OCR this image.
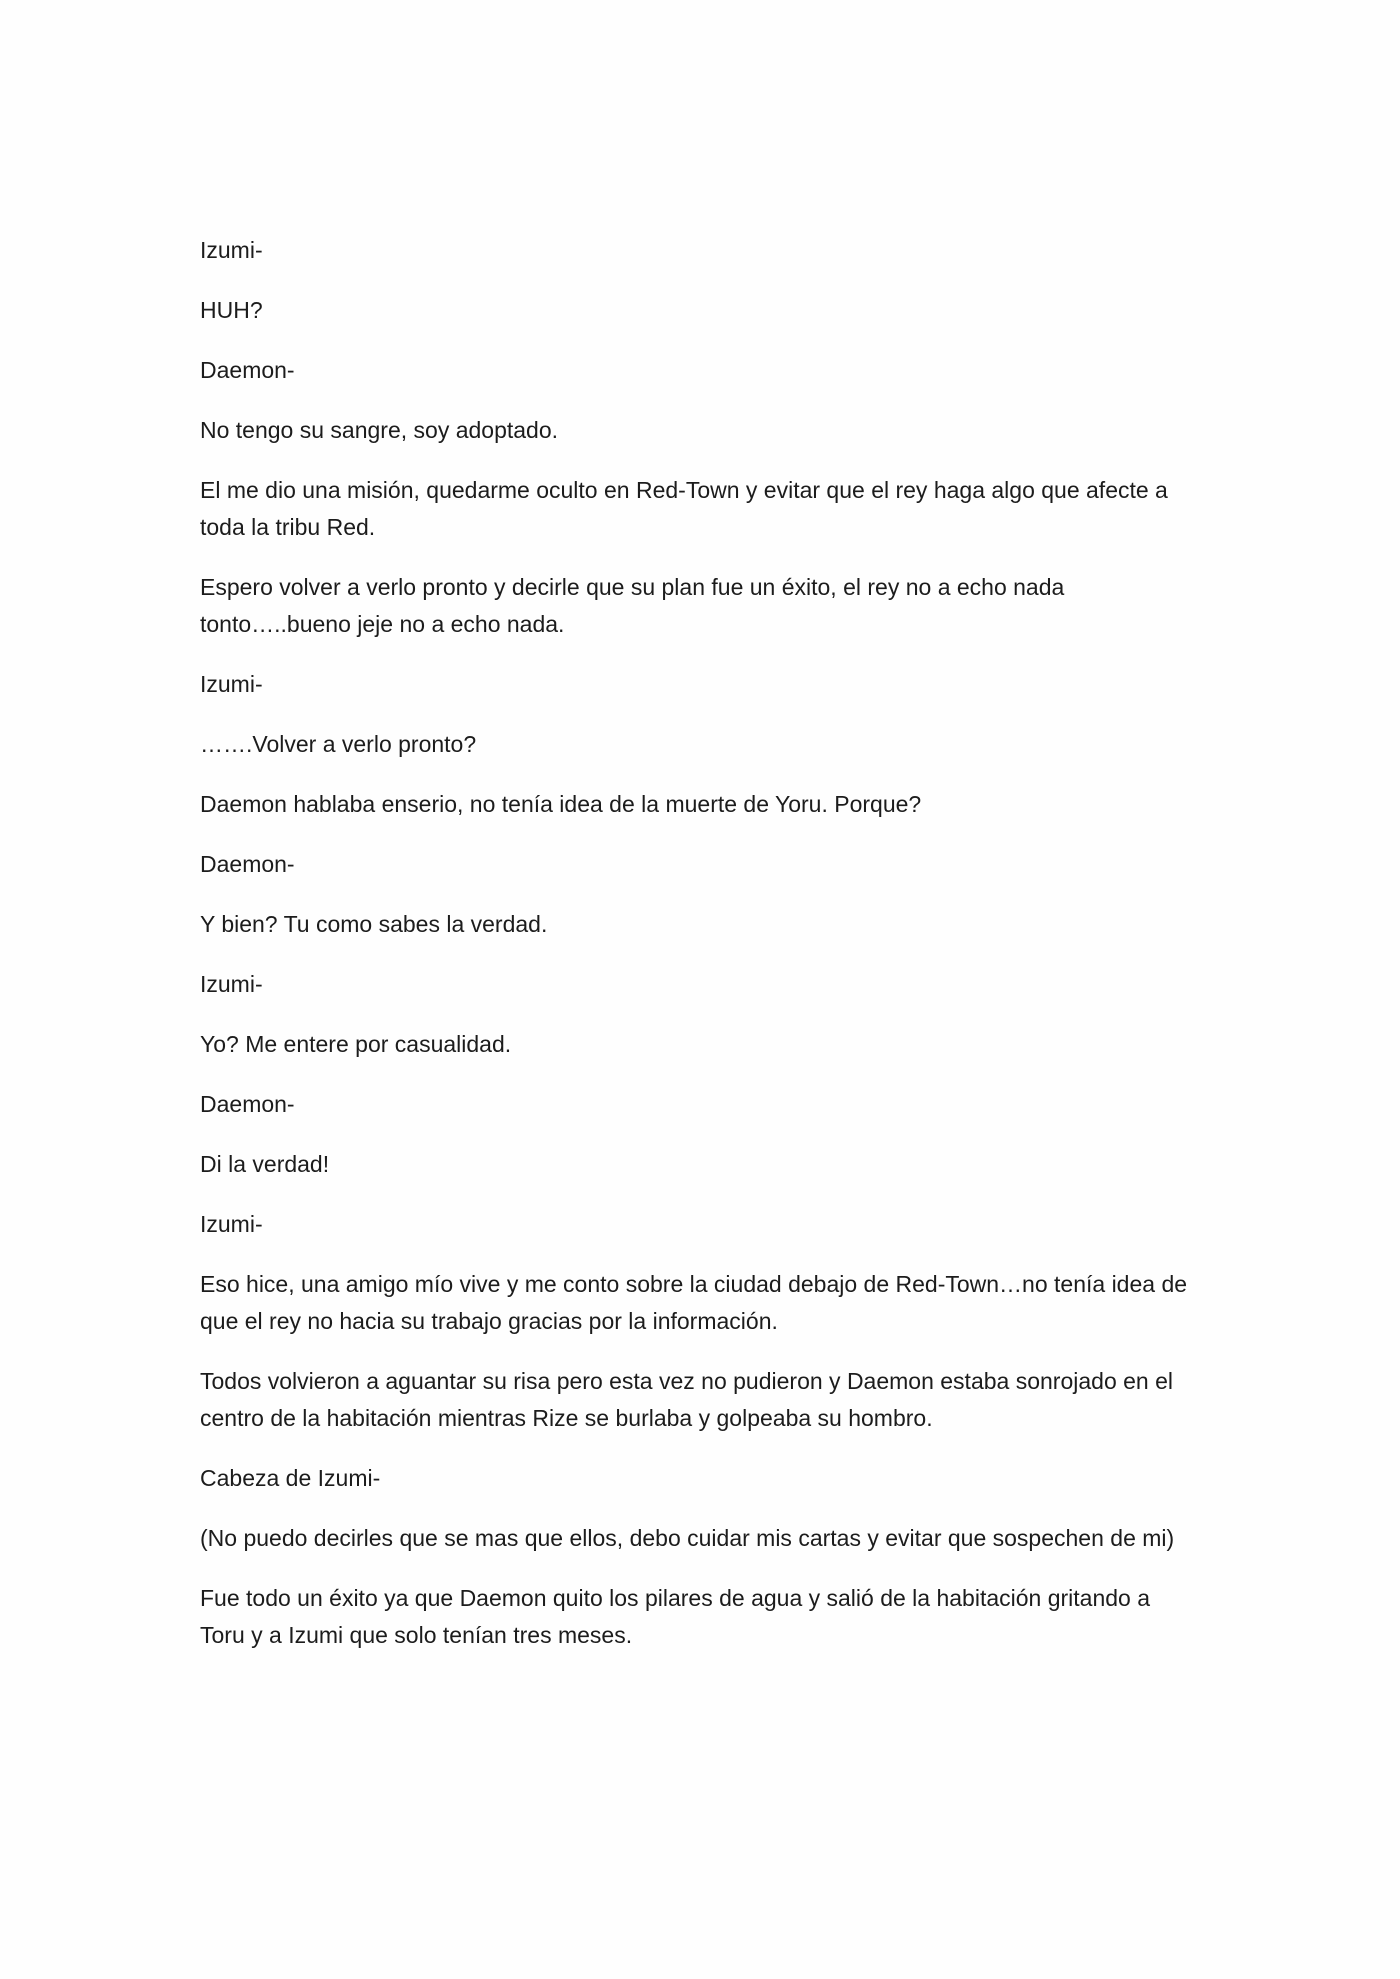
Izumi-

HUH?

Daemon-

No tengo su sangre, soy adoptado.

El me dio una misión, quedarme oculto en Red-Town y evitar que el rey haga algo que afecte a toda la tribu Red.

Espero volver a verlo pronto y decirle que su plan fue un éxito, el rey no a echo nada tonto…..bueno jeje no a echo nada.

Izumi-

…….Volver a verlo pronto?

Daemon hablaba enserio, no tenía idea de la muerte de Yoru. Porque?

Daemon-

Y bien? Tu como sabes la verdad.

Izumi-

Yo? Me entere por casualidad.

Daemon-

Di la verdad!

Izumi-

Eso hice, una amigo mío vive y me conto sobre la ciudad debajo de Red-Town…no tenía idea de que el rey no hacia su trabajo gracias por la información.

Todos volvieron a aguantar su risa pero esta vez no pudieron y Daemon estaba sonrojado en el centro de la habitación mientras Rize se burlaba y golpeaba su hombro.

Cabeza de Izumi-

(No puedo decirles que se mas que ellos, debo cuidar mis cartas y evitar que sospechen de mi)

Fue todo un éxito ya que Daemon quito los pilares de agua y salió de la habitación gritando a Toru y a Izumi que solo tenían tres meses.
